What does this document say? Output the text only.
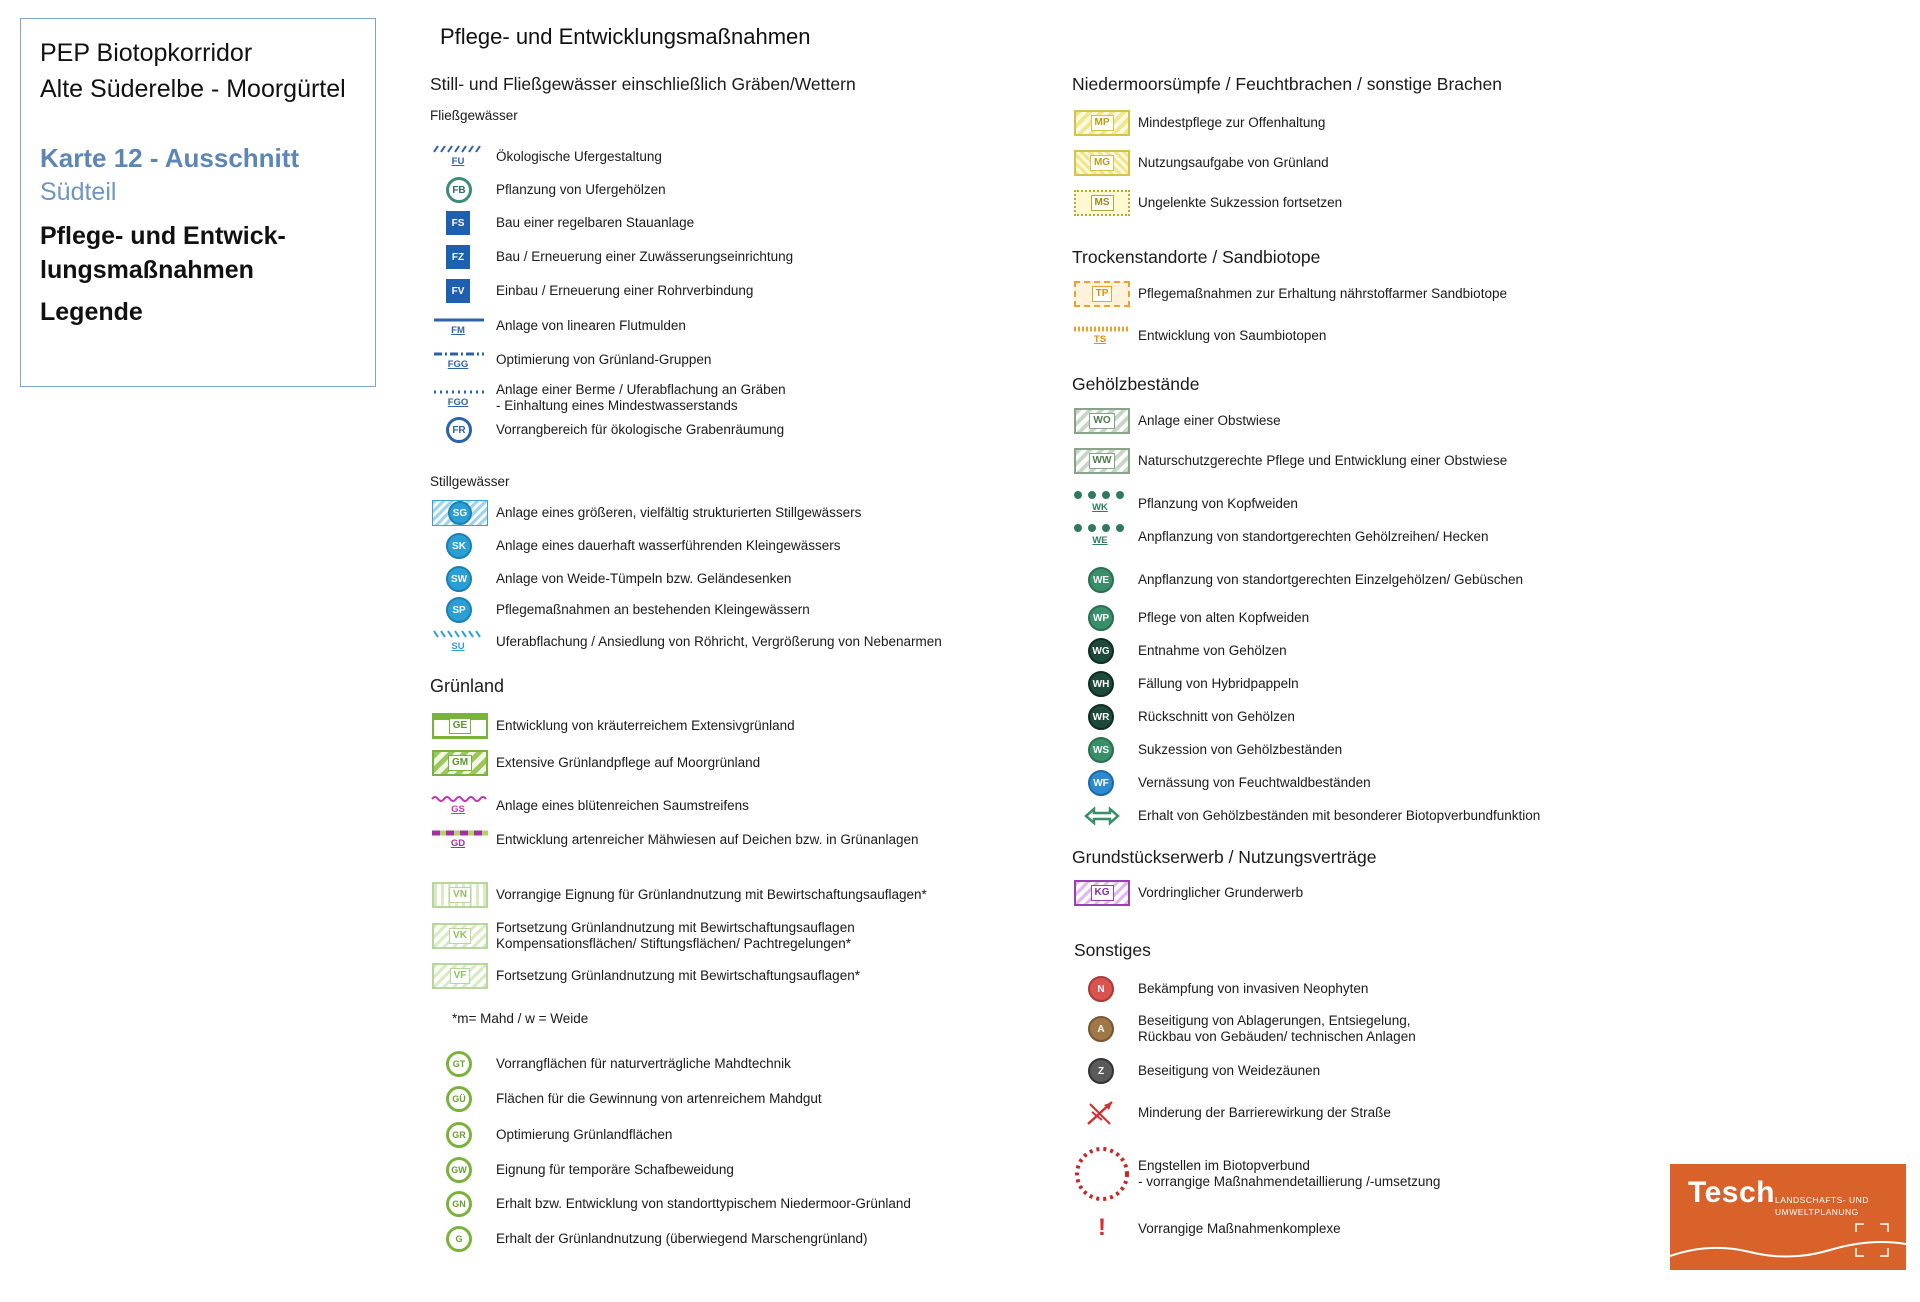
PEP Biotopkorridor
Alte Süderelbe - Moorgürtel
Karte 12 - Ausschnitt
Südteil
Pflege- und Entwick-
lungsmaßnahmen
Legende
Pflege- und Entwicklungsmaßnahmen
Still- und Fließgewässer einschließlich Gräben/Wettern
Fließgewässer
FU	Ökologische Ufergestaltung
FB	Pflanzung von Ufergehölzen
FS	Bau einer regelbaren Stauanlage
FZ	Bau / Erneuerung einer Zuwässerungseinrichtung
FV	Einbau / Erneuerung einer Rohrverbindung
FM	Anlage von linearen Flutmulden
FGG	Optimierung von Grünland-Gruppen
FGO
Anlage einer Berme / Uferabflachung an Gräben
- Einhaltung eines Mindestwasserstands
FR	Vorrangbereich für ökologische Grabenräumung
Stillgewässer
SG	Anlage eines größeren, vielfältig strukturierten Stillgewässers
SK	Anlage eines dauerhaft wasserführenden Kleingewässers
SW	Anlage von Weide-Tümpeln bzw. Geländesenken
SP	Pflegemaßnahmen an bestehenden Kleingewässern
SU	Uferabflachung / Ansiedlung von Röhricht, Vergrößerung von Nebenarmen
Grünland
GE Entwicklung von kräuterreichem Extensivgrünland
GM Extensive Grünlandpflege auf Moorgrünland
GS	Anlage eines blütenreichen Saumstreifens
GD	Entwicklung artenreicher Mähwiesen auf Deichen bzw. in Grünanlagen
VN Vorrangige Eignung für Grünlandnutzung mit Bewirtschaftungsauflagen*
VK
Fortsetzung Grünlandnutzung mit Bewirtschaftungsauflagen
Kompensationsflächen/ Stiftungsflächen/ Pachtregelungen*
VF Fortsetzung Grünlandnutzung mit Bewirtschaftungsauflagen*
*m= Mahd / w = Weide
GT	Vorrangflächen für naturverträgliche Mahdtechnik
GÜ	Flächen für die Gewinnung von artenreichem Mahdgut
GR	Optimierung Grünlandflächen
GW	Eignung für temporäre Schafbeweidung
GN	Erhalt bzw. Entwicklung von standorttypischem Niedermoor-Grünland
G	Erhalt der Grünlandnutzung (überwiegend Marschengrünland)
Niedermoorsümpfe / Feuchtbrachen / sonstige Brachen
MP Mindestpflege zur Offenhaltung
MG Nutzungsaufgabe von Grünland
MS Ungelenkte Sukzession fortsetzen
Trockenstandorte / Sandbiotope
TP Pflegemaßnahmen zur Erhaltung nährstoffarmer Sandbiotope
TS	Entwicklung von Saumbiotopen
Gehölzbestände
WO Anlage einer Obstwiese
WW Naturschutzgerechte Pflege und Entwicklung einer Obstwiese
WK	Pflanzung von Kopfweiden
WE	Anpflanzung von standortgerechten Gehölzreihen/ Hecken
WE	Anpflanzung von standortgerechten Einzelgehölzen/ Gebüschen
WP	Pflege von alten Kopfweiden
WG	Entnahme von Gehölzen
WH	Fällung von Hybridpappeln
WR	Rückschnitt von Gehölzen
WS	Sukzession von Gehölzbeständen
WF	Vernässung von Feuchtwaldbeständen
Erhalt von Gehölzbeständen mit besonderer Biotopverbundfunktion
Grundstückserwerb / Nutzungsverträge
KG Vordringlicher Grunderwerb
Sonstiges
N	Bekämpfung von invasiven Neophyten
A
Beseitigung von Ablagerungen, Entsiegelung,
Rückbau von Gebäuden/ technischen Anlagen
Z	Beseitigung von Weidezäunen
Minderung der Barrierewirkung der Straße
Engstellen im Biotopverbund
- vorrangige Maßnahmendetaillierung /-umsetzung
! Vorrangige Maßnahmenkomplexe
Tesch LANDSCHAFTS- UND
UMWELTPLANUNG
